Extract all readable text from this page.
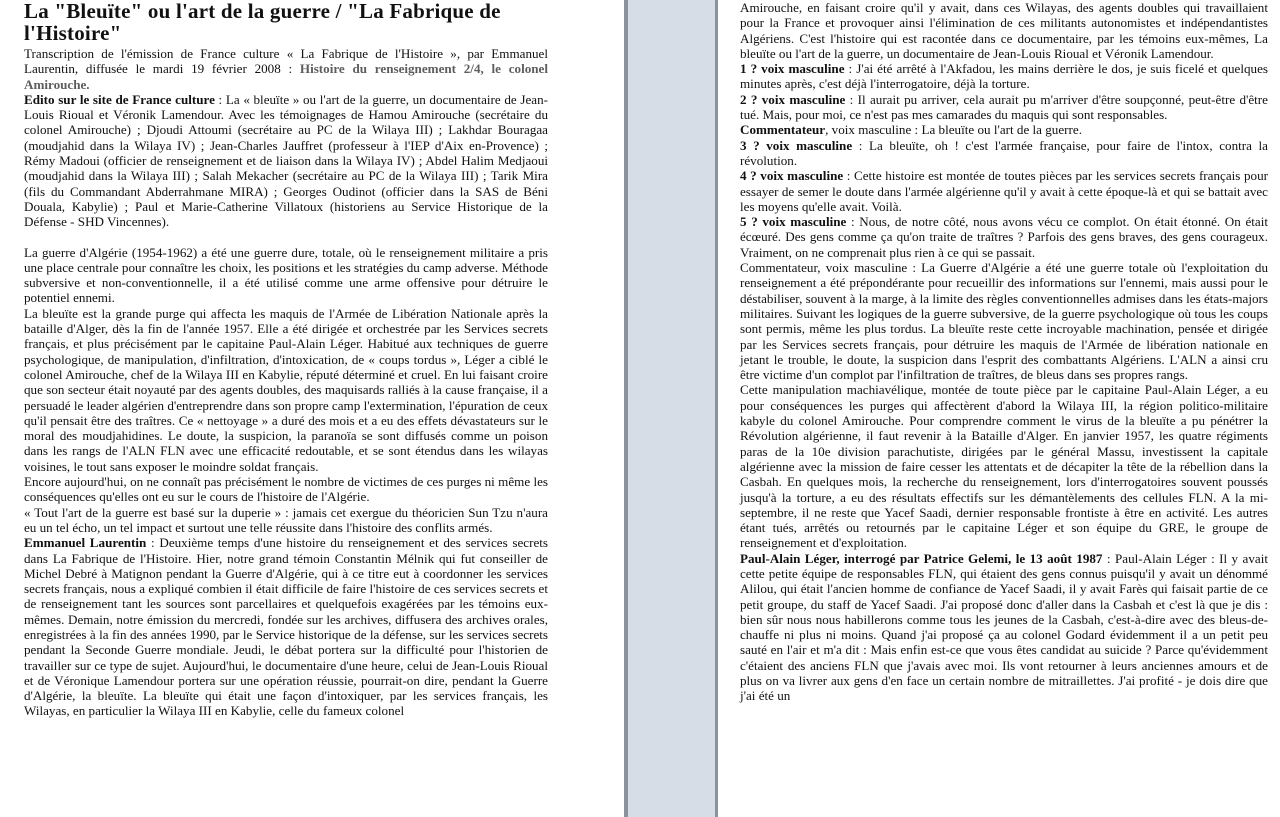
La "Bleuïte" ou l'art de la guerre / "La Fabrique de l'Histoire"

Transcription de l'émission de France culture « La Fabrique de l'Histoire », par Emmanuel Laurentin, diffusée le mardi 19 février 2008 : Histoire du renseignement 2/4, le colonel Amirouche.

Edito sur le site de France culture : La « bleuïte » ou l'art de la guerre, un documentaire de Jean-Louis Rioual et Véronik Lamendour. Avec les témoignages de Hamou Amirouche (secrétaire du colonel Amirouche) ; Djoudi Attoumi (secrétaire au PC de la Wilaya III) ; Lakhdar Bouragaa (moudjahid dans la Wilaya IV) ; Jean-Charles Jauffret (professeur à l'IEP d'Aix en-Provence) ; Rémy Madoui (officier de renseignement et de liaison dans la Wilaya IV) ; Abdel Halim Medjaoui (moudjahid dans la Wilaya III) ; Salah Mekacher (secrétaire au PC de la Wilaya III) ; Tarik Mira (fils du Commandant Abderrahmane MIRA) ; Georges Oudinot (officier dans la SAS de Béni Douala, Kabylie) ; Paul et Marie-Catherine Villatoux (historiens au Service Historique de la Défense - SHD Vincennes).

La guerre d'Algérie (1954-1962) a été une guerre dure, totale, où le renseignement militaire a pris une place centrale pour connaître les choix, les positions et les stratégies du camp adverse. Méthode subversive et non-conventionnelle, il a été utilisé comme une arme offensive pour détruire le potentiel ennemi.

La bleuïte est la grande purge qui affecta les maquis de l'Armée de Libération Nationale après la bataille d'Alger, dès la fin de l'année 1957. Elle a été dirigée et orchestrée par les Services secrets français, et plus précisément par le capitaine Paul-Alain Léger. Habitué aux techniques de guerre psychologique, de manipulation, d'infiltration, d'intoxication, de « coups tordus », Léger a ciblé le colonel Amirouche, chef de la Wilaya III en Kabylie, réputé déterminé et cruel. En lui faisant croire que son secteur était noyauté par des agents doubles, des maquisards ralliés à la cause française, il a persuadé le leader algérien d'entreprendre dans son propre camp l'extermination, l'épuration de ceux qu'il pensait être des traîtres. Ce « nettoyage » a duré des mois et a eu des effets dévastateurs sur le moral des moudjahidines. Le doute, la suspicion, la paranoïa se sont diffusés comme un poison dans les rangs de l'ALN FLN avec une efficacité redoutable, et se sont étendus dans les wilayas voisines, le tout sans exposer le moindre soldat français.

Encore aujourd'hui, on ne connaît pas précisément le nombre de victimes de ces purges ni même les conséquences qu'elles ont eu sur le cours de l'histoire de l'Algérie.

« Tout l'art de la guerre est basé sur la duperie » : jamais cet exergue du théoricien Sun Tzu n'aura eu un tel écho, un tel impact et surtout une telle réussite dans l'histoire des conflits armés.

Emmanuel Laurentin : Deuxième temps d'une histoire du renseignement et des services secrets dans La Fabrique de l'Histoire. Hier, notre grand témoin Constantin Mélnik qui fut conseiller de Michel Debré à Matignon pendant la Guerre d'Algérie, qui à ce titre eut à coordonner les services secrets français, nous a expliqué combien il était difficile de faire l'histoire de ces services secrets et de renseignement tant les sources sont parcellaires et quelquefois exagérées par les témoins eux-mêmes. Demain, notre émission du mercredi, fondée sur les archives, diffusera des archives orales, enregistrées à la fin des années 1990, par le Service historique de la défense, sur les services secrets pendant la Seconde Guerre mondiale. Jeudi, le débat portera sur la difficulté pour l'historien de travailler sur ce type de sujet. Aujourd'hui, le documentaire d'une heure, celui de Jean-Louis Rioual et de Véronique Lamendour portera sur une opération réussie, pourrait-on dire, pendant la Guerre d'Algérie, la bleuïte. La bleuïte qui était une façon d'intoxiquer, par les services français, les Wilayas, en particulier la Wilaya III en Kabylie, celle du fameux colonel

Amirouche, en faisant croire qu'il y avait, dans ces Wilayas, des agents doubles qui travaillaient pour la France et provoquer ainsi l'élimination de ces militants autonomistes et indépendantistes Algériens. C'est l'histoire qui est racontée dans ce documentaire, par les témoins eux-mêmes, La bleuïte ou l'art de la guerre, un documentaire de Jean-Louis Rioual et Véronik Lamendour.

1 ? voix masculine : J'ai été arrêté à l'Akfadou, les mains derrière le dos, je suis ficelé et quelques minutes après, c'est déjà l'interrogatoire, déjà la torture.

2 ? voix masculine : Il aurait pu arriver, cela aurait pu m'arriver d'être soupçonné, peut-être d'être tué. Mais, pour moi, ce n'est pas mes camarades du maquis qui sont responsables.

Commentateur, voix masculine : La bleuïte ou l'art de la guerre.

3 ? voix masculine : La bleuïte, oh ! c'est l'armée française, pour faire de l'intox, contra la révolution.

4 ? voix masculine : Cette histoire est montée de toutes pièces par les services secrets français pour essayer de semer le doute dans l'armée algérienne qu'il y avait à cette époque-là et qui se battait avec les moyens qu'elle avait. Voilà.

5 ? voix masculine : Nous, de notre côté, nous avons vécu ce complot. On était étonné. On était écœuré. Des gens comme ça qu'on traite de traîtres ? Parfois des gens braves, des gens courageux. Vraiment, on ne comprenait plus rien à ce qui se passait.

Commentateur, voix masculine : La Guerre d'Algérie a été une guerre totale où l'exploitation du renseignement a été prépondérante pour recueillir des informations sur l'ennemi, mais aussi pour le déstabiliser, souvent à la marge, à la limite des règles conventionnelles admises dans les états-majors militaires. Suivant les logiques de la guerre subversive, de la guerre psychologique où tous les coups sont permis, même les plus tordus. La bleuïte reste cette incroyable machination, pensée et dirigée par les Services secrets français, pour détruire les maquis de l'Armée de libération nationale en jetant le trouble, le doute, la suspicion dans l'esprit des combattants Algériens. L'ALN a ainsi cru être victime d'un complot par l'infiltration de traîtres, de bleus dans ses propres rangs.

Cette manipulation machiavélique, montée de toute pièce par le capitaine Paul-Alain Léger, a eu pour conséquences les purges qui affectèrent d'abord la Wilaya III, la région politico-militaire kabyle du colonel Amirouche. Pour comprendre comment le virus de la bleuïte a pu pénétrer la Révolution algérienne, il faut revenir à la Bataille d'Alger. En janvier 1957, les quatre régiments paras de la 10e division parachutiste, dirigées par le général Massu, investissent la capitale algérienne avec la mission de faire cesser les attentats et de décapiter la tête de la rébellion dans la Casbah. En quelques mois, la recherche du renseignement, lors d'interrogatoires souvent poussés jusqu'à la torture, a eu des résultats effectifs sur les démantèlements des cellules FLN. A la mi-septembre, il ne reste que Yacef Saadi, dernier responsable frontiste à être en activité. Les autres étant tués, arrêtés ou retournés par le capitaine Léger et son équipe du GRE, le groupe de renseignement et d'exploitation.

Paul-Alain Léger, interrogé par Patrice Gelemi, le 13 août 1987 : Paul-Alain Léger : Il y avait cette petite équipe de responsables FLN, qui étaient des gens connus puisqu'il y avait un dénommé Alilou, qui était l'ancien homme de confiance de Yacef Saadi, il y avait Farès qui faisait partie de ce petit groupe, du staff de Yacef Saadi. J'ai proposé donc d'aller dans la Casbah et c'est là que je dis : bien sûr nous nous habillerons comme tous les jeunes de la Casbah, c'est-à-dire avec des bleus-de-chauffe ni plus ni moins. Quand j'ai proposé ça au colonel Godard évidemment il a un petit peu sauté en l'air et m'a dit : Mais enfin est-ce que vous êtes candidat au suicide ? Parce qu'évidemment c'étaient des anciens FLN que j'avais avec moi. Ils vont retourner à leurs anciennes amours et de plus on va livrer aux gens d'en face un certain nombre de mitraillettes. J'ai profité - je dois dire que j'ai été un
